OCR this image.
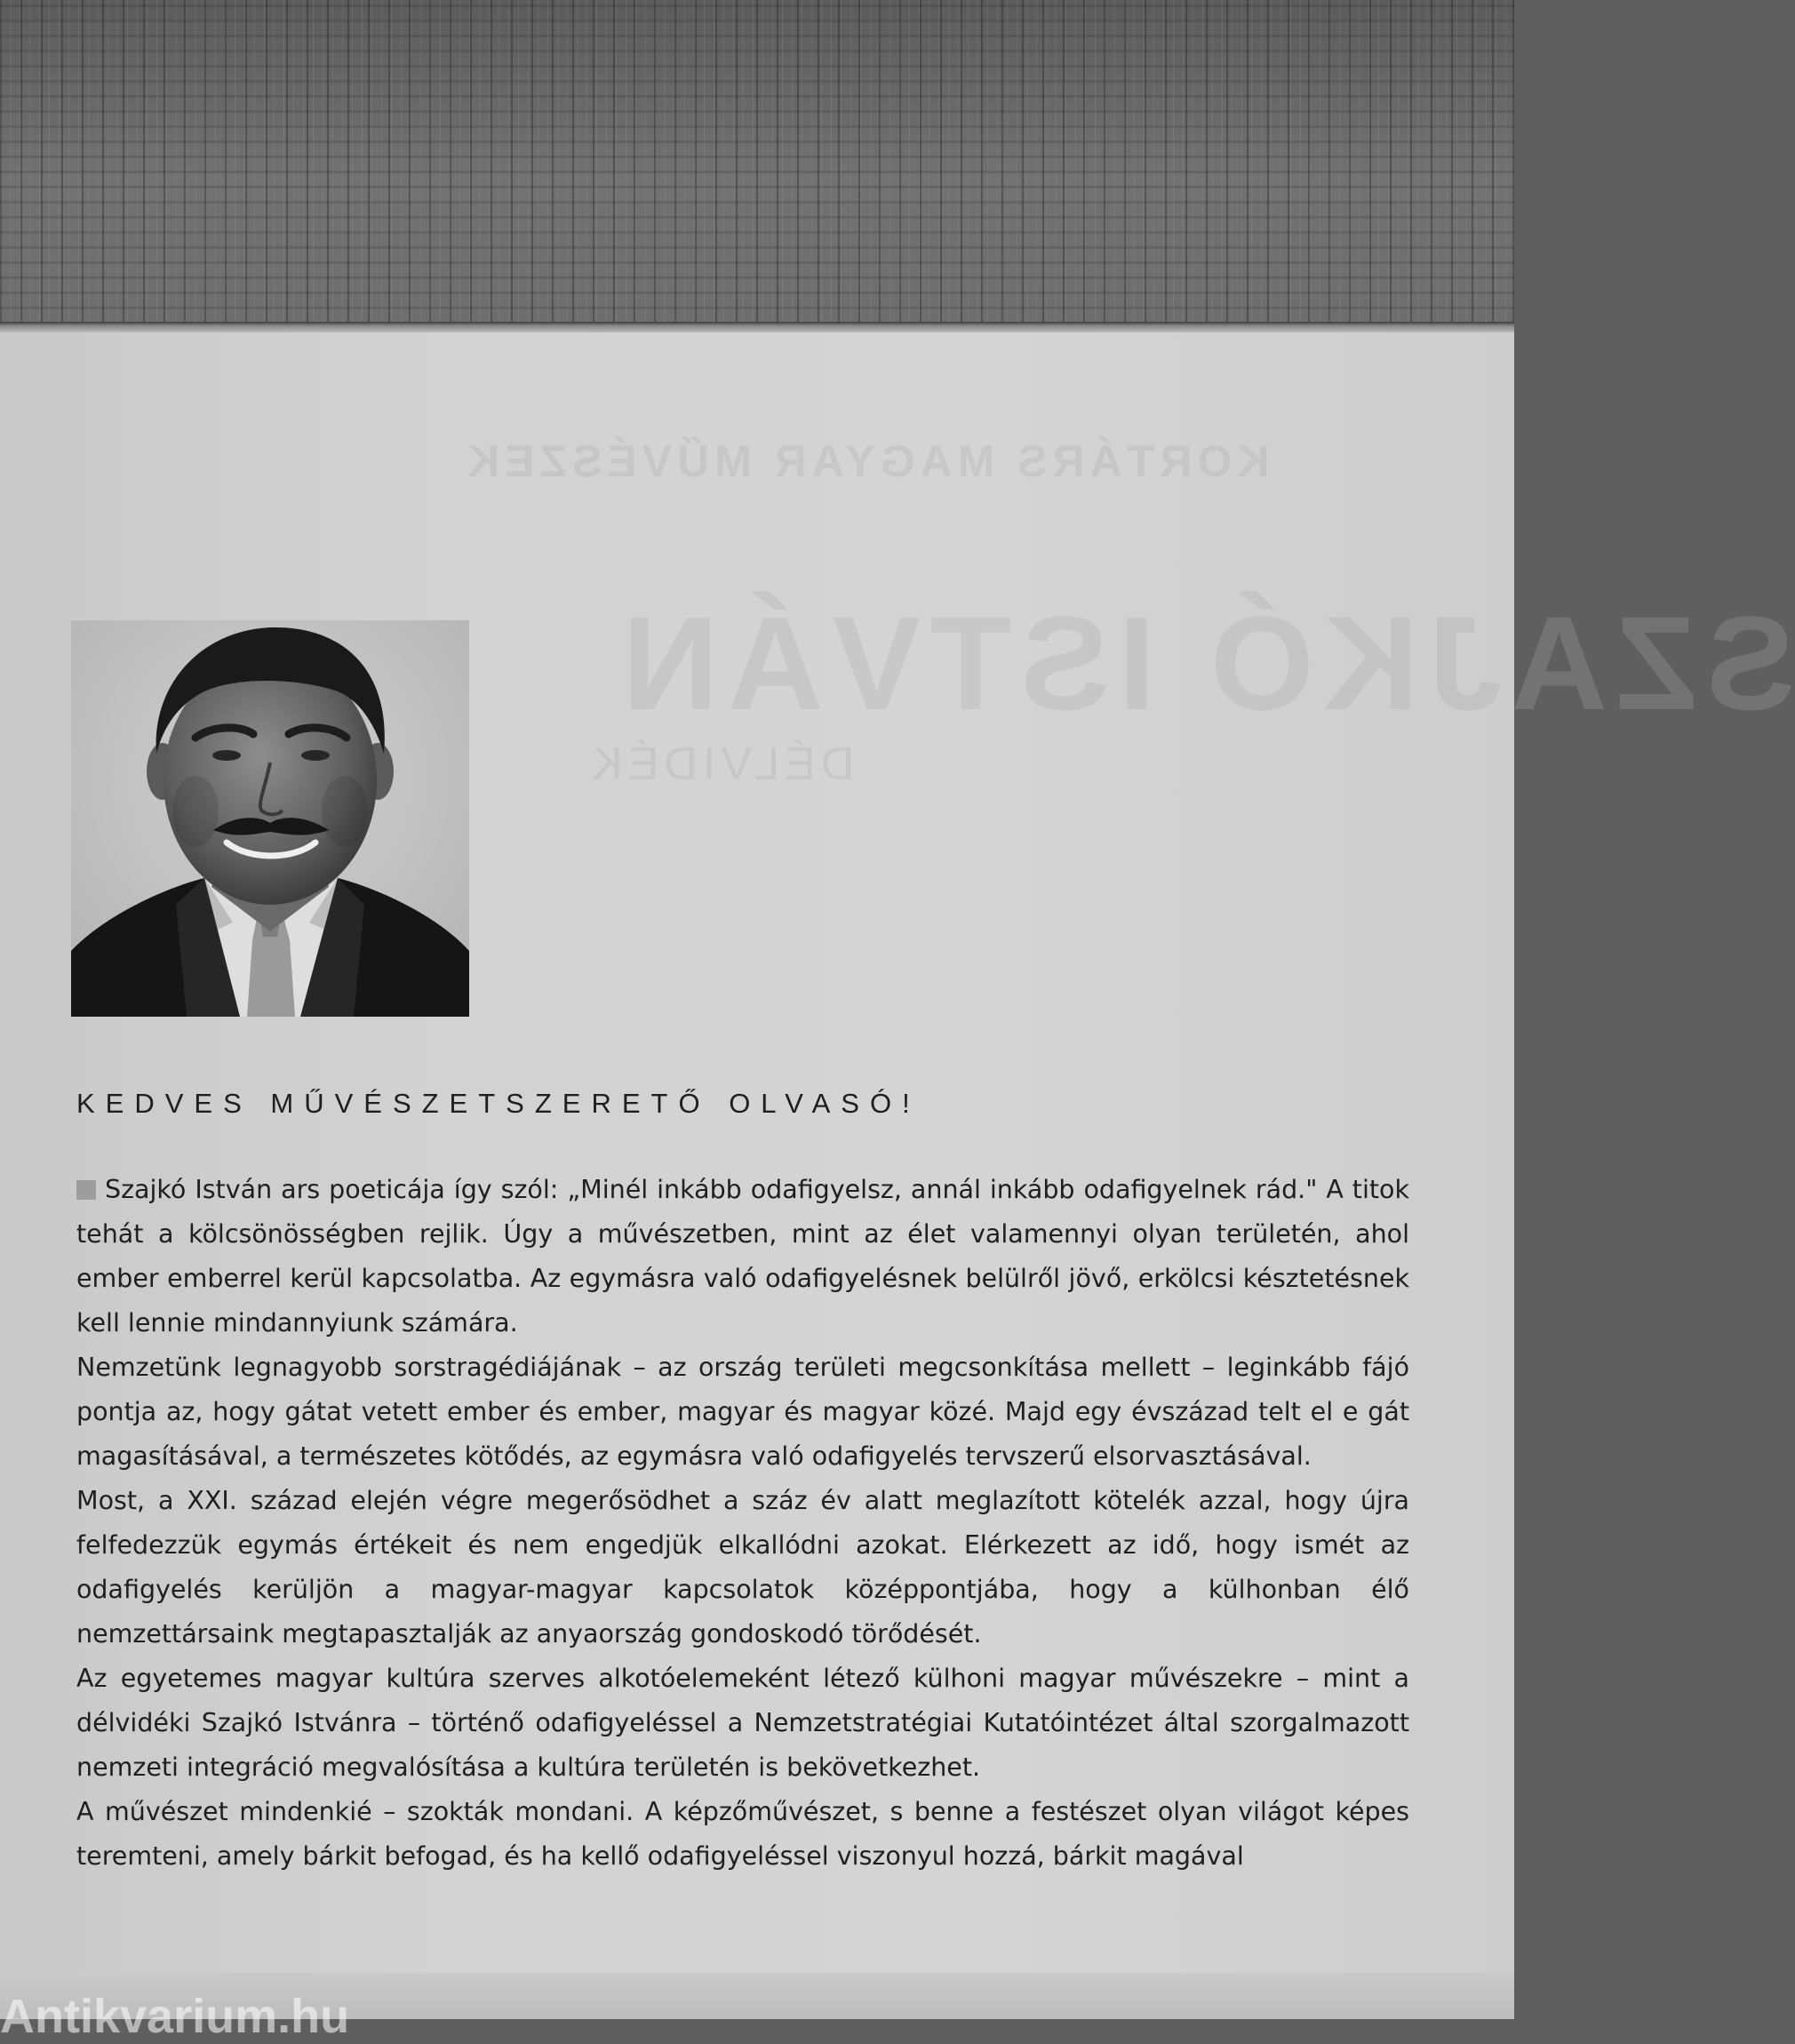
KORTÁRS MAGYAR MŰVÉSZEK
SZAJKÓ ISTVÁN
DÉLVIDÉK
KEDVES MŰVÉSZETSZERETŐ OLVASÓ!

Szajkó István ars poeticája így szól: „Minél inkább odafigyelsz, annál inkább odafigyelnek rád." A titok tehát a kölcsönösségben rejlik. Úgy a művészetben, mint az élet valamennyi olyan területén, ahol ember emberrel kerül kapcsolatba. Az egymásra való odafigyelésnek belülről jövő, erkölcsi késztetésnek kell lennie mindannyiunk számára.

Nemzetünk legnagyobb sorstragédiájának – az ország területi megcsonkítása mellett – leginkább fájó pontja az, hogy gátat vetett ember és ember, magyar és magyar közé. Majd egy évszázad telt el e gát magasításával, a természetes kötődés, az egymásra való odafigyelés tervszerű elsorvasztásával.

Most, a XXI. század elején végre megerősödhet a száz év alatt meglazított kötelék azzal, hogy újra felfedezzük egymás értékeit és nem engedjük elkallódni azokat. Elérkezett az idő, hogy ismét az odafigyelés kerüljön a magyar-magyar kapcsolatok középpontjába, hogy a külhonban élő nemzettársaink megtapasztalják az anyaország gondoskodó törődését.

Az egyetemes magyar kultúra szerves alkotóelemeként létező külhoni magyar művészekre – mint a délvidéki Szajkó Istvánra – történő odafigyeléssel a Nemzetstratégiai Kutatóintézet által szorgalmazott nemzeti integráció megvalósítása a kultúra területén is bekövetkezhet.

A művészet mindenkié – szokták mondani. A képzőművészet, s benne a festészet olyan világot képes teremteni, amely bárkit befogad, és ha kellő odafigyeléssel viszonyul hozzá, bárkit magával

Antikvarium.hu
